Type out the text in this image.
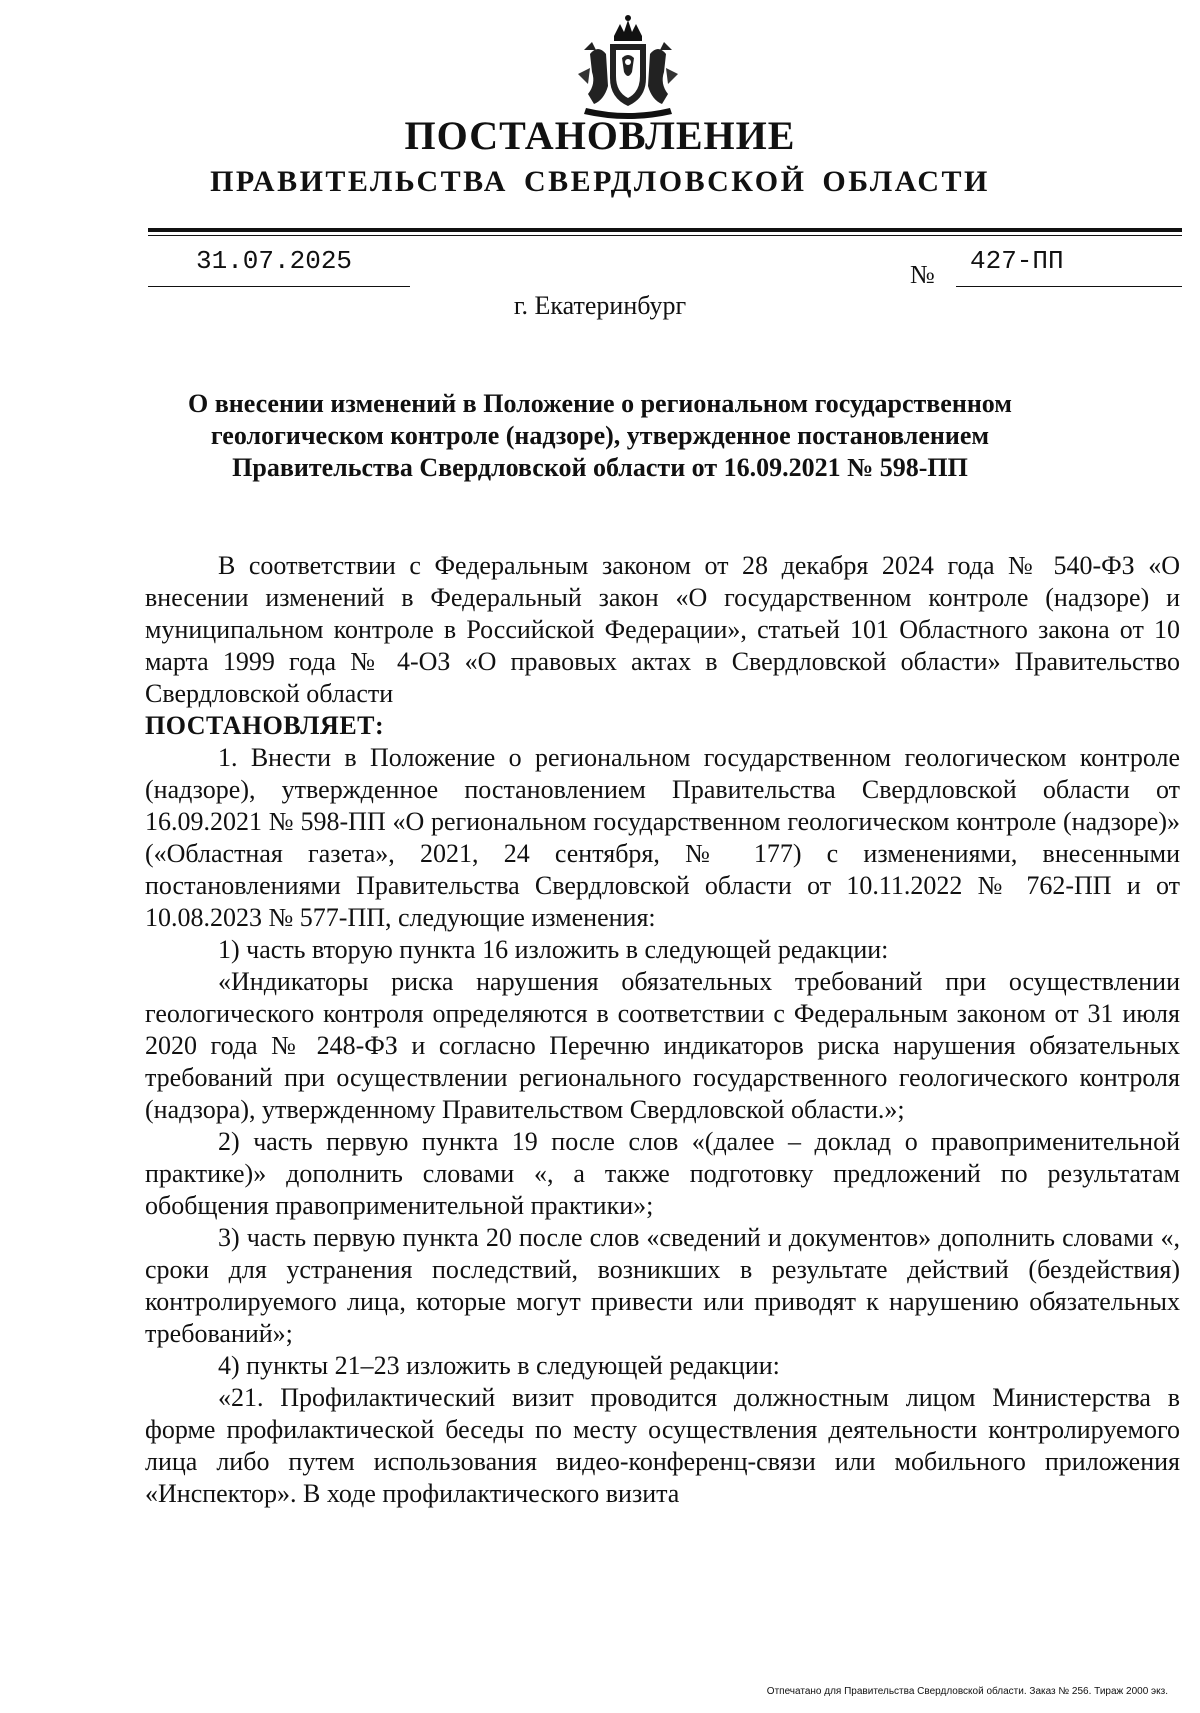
ПОСТАНОВЛЕНИЕ
ПРАВИТЕЛЬСТВА СВЕРДЛОВСКОЙ ОБЛАСТИ
31.07.2025	№ 427-ПП
г. Екатеринбург
О внесении изменений в Положение о региональном государственном геологическом контроле (надзоре), утвержденное постановлением Правительства Свердловской области от 16.09.2021 № 598-ПП

В соответствии с Федеральным законом от 28 декабря 2024 года № 540-ФЗ «О внесении изменений в Федеральный закон «О государственном контроле (надзоре) и муниципальном контроле в Российской Федерации», статьей 101 Областного закона от 10 марта 1999 года № 4-ОЗ «О правовых актах в Свердловской области» Правительство Свердловской области

ПОСТАНОВЛЯЕТ:

1. Внести в Положение о региональном государственном геологическом контроле (надзоре), утвержденное постановлением Правительства Свердловской области от 16.09.2021 № 598-ПП «О региональном государственном геологическом контроле (надзоре)» («Областная газета», 2021, 24 сентября, № 177) с изменениями, внесенными постановлениями Правительства Свердловской области от 10.11.2022 № 762-ПП и от 10.08.2023 № 577-ПП, следующие изменения:

1) часть вторую пункта 16 изложить в следующей редакции:

«Индикаторы риска нарушения обязательных требований при осуществлении геологического контроля определяются в соответствии с Федеральным законом от 31 июля 2020 года № 248-ФЗ и согласно Перечню индикаторов риска нарушения обязательных требований при осуществлении регионального государственного геологического контроля (надзора), утвержденному Правительством Свердловской области.»;

2) часть первую пункта 19 после слов «(далее – доклад о правоприменительной практике)» дополнить словами «, а также подготовку предложений по результатам обобщения правоприменительной практики»;

3) часть первую пункта 20 после слов «сведений и документов» дополнить словами «, сроки для устранения последствий, возникших в результате действий (бездействия) контролируемого лица, которые могут привести или приводят к нарушению обязательных требований»;

4) пункты 21–23 изложить в следующей редакции:

«21. Профилактический визит проводится должностным лицом Министерства в форме профилактической беседы по месту осуществления деятельности контролируемого лица либо путем использования видео-конференц-связи или мобильного приложения «Инспектор». В ходе профилактического визита

Отпечатано для Правительства Свердловской области. Заказ № 256. Тираж 2000 экз.
